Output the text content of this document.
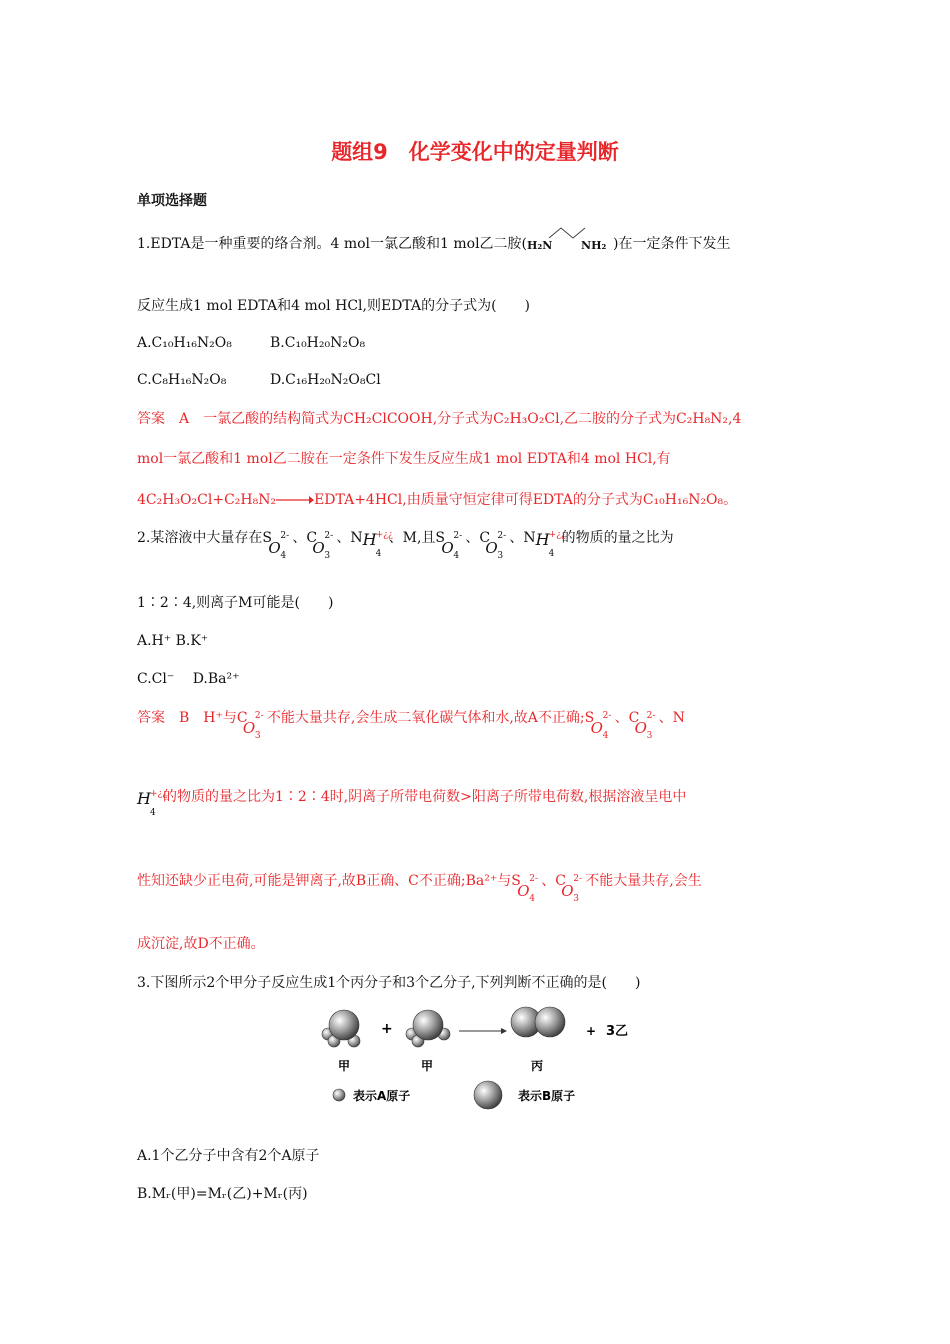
题组9　化学变化中的定量判断
单项选择题
1.EDTA是一种重要的络合剂。4 mol一氯乙酸和1 mol乙二胺( H₂N	NH₂ )在一定条件下发生
反应生成1 mol EDTA和4 mol HCl,则EDTA的分子式为(　　)
A.C₁₀H₁₆N₂O₈	B.C₁₀H₂₀N₂O₈
C.C₈H₁₆N₂O₈	D.C₁₆H₂₀N₂O₈Cl
答案　A　一氯乙酸的结构简式为CH₂ClCOOH,分子式为C₂H₃O₂Cl,乙二胺的分子式为C₂H₈N₂,4
mol一氯乙酸和1 mol乙二胺在一定条件下发生反应生成1 mol EDTA和4 mol HCl,有
4C₂H₃O₂Cl+C₂H₈N₂→EDTA+4HCl,由质量守恒定律可得EDTA的分子式为C₁₀H₁₆N₂O₈。
2.某溶液中大量存在 S
O
2-
4
、 C
O
2-
3
、N H +¿¿
4
、M,且 S
O
2-
4
、 C
O
2-
3
、N H +¿¿
4
的物质的量之比为
1∶2∶4,则离子M可能是(　　)
A.H⁺ B.K⁺
C.Cl⁻　 D.Ba²⁺
答案　B　H⁺与 C
O
2-
3
不能大量共存,会生成二氧化碳气体和水,故A不正确; S
O
2-
4
、 C
O
2-
3
、N
H +¿¿
4
的物质的量之比为1∶2∶4时,阴离子所带电荷数>阳离子所带电荷数,根据溶液呈电中
性知还缺少正电荷,可能是钾离子,故B正确、C不正确;Ba²⁺与 S
O
2-
4
、 C
O
2-
3
不能大量共存,会生
成沉淀,故D不正确。
3.下图所示2个甲分子反应生成1个丙分子和3个乙分子,下列判断不正确的是(　　)
+	+ 3乙
甲	甲	丙
表示A原子	表示B原子
A.1个乙分子中含有2个A原子
B.Mᵣ(甲)=Mᵣ(乙)+Mᵣ(丙)
